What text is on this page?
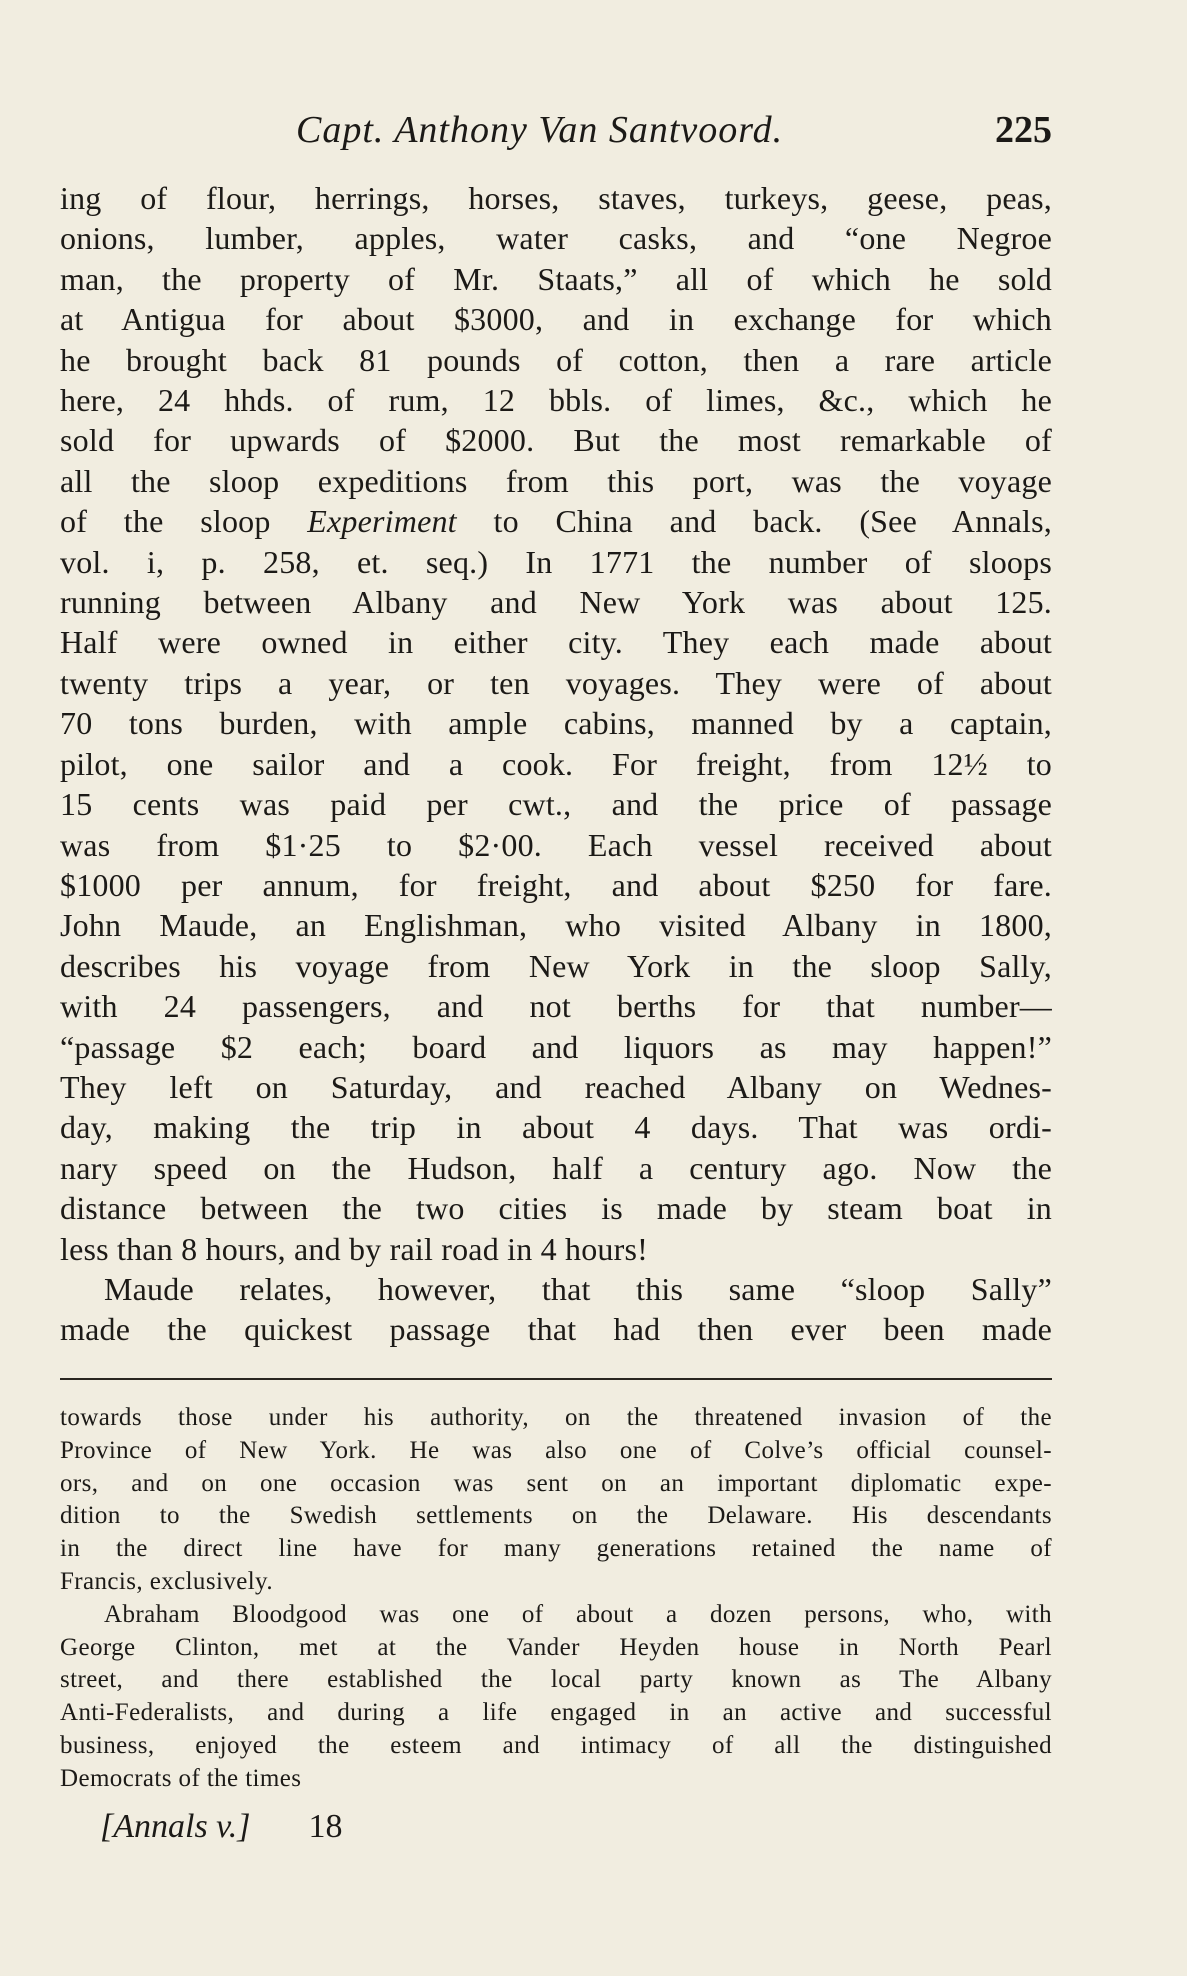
Capt. Anthony Van Santvoord.	225
ing of flour, herrings, horses, staves, turkeys, geese, peas,
onions, lumber, apples, water casks, and “one Negroe
man, the property of Mr. Staats,” all of which he sold
at Antigua for about $3000, and in exchange for which
he brought back 81 pounds of cotton, then a rare article
here, 24 hhds. of rum, 12 bbls. of limes, &c., which he
sold for upwards of $2000. But the most remarkable of
all the sloop expeditions from this port, was the voyage
of the sloop Experiment to China and back. (See Annals,
vol. i, p. 258, et. seq.) In 1771 the number of sloops
running between Albany and New York was about 125.
Half were owned in either city. They each made about
twenty trips a year, or ten voyages. They were of about
70 tons burden, with ample cabins, manned by a captain,
pilot, one sailor and a cook. For freight, from 12½ to
15 cents was paid per cwt., and the price of passage
was from $1·25 to $2·00. Each vessel received about
$1000 per annum, for freight, and about $250 for fare.
John Maude, an Englishman, who visited Albany in 1800,
describes his voyage from New York in the sloop Sally,
with 24 passengers, and not berths for that number—
“passage $2 each; board and liquors as may happen!”
They left on Saturday, and reached Albany on Wednes-
day, making the trip in about 4 days. That was ordi-
nary speed on the Hudson, half a century ago. Now the
distance between the two cities is made by steam boat in
less than 8 hours, and by rail road in 4 hours!
Maude relates, however, that this same “sloop Sally”
made the quickest passage that had then ever been made
towards those under his authority, on the threatened invasion of the
Province of New York. He was also one of Colve’s official counsel-
ors, and on one occasion was sent on an important diplomatic expe-
dition to the Swedish settlements on the Delaware. His descendants
in the direct line have for many generations retained the name of
Francis, exclusively.
Abraham Bloodgood was one of about a dozen persons, who, with
George Clinton, met at the Vander Heyden house in North Pearl
street, and there established the local party known as The Albany
Anti-Federalists, and during a life engaged in an active and successful
business, enjoyed the esteem and intimacy of all the distinguished
Democrats of the times
[Annals v.] 18
